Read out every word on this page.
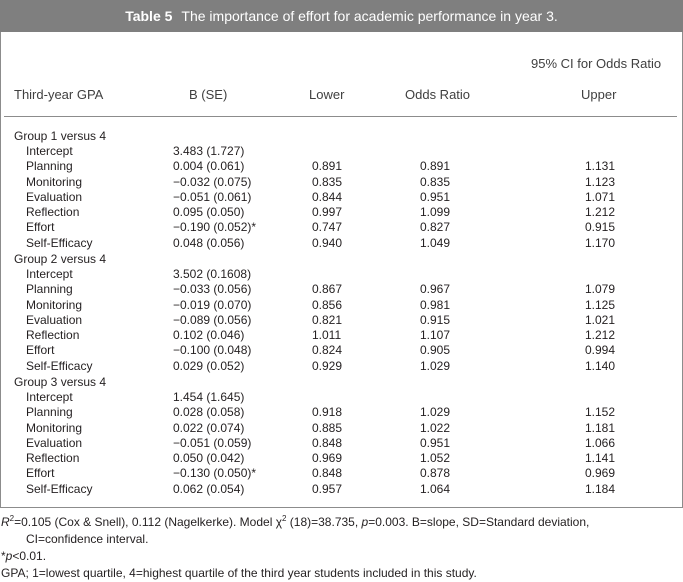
Table 5 The importance of effort for academic performance in year 3.
95% CI for Odds Ratio
Third-year GPA	B (SE)	Lower	Odds Ratio	Upper
Group 1 versus 4
Intercept	3.483 (1.727)
Planning	0.004 (0.061)	0.891	0.891	1.131
Monitoring	−0.032 (0.075)	0.835	0.835	1.123
Evaluation	−0.051 (0.061)	0.844	0.951	1.071
Reflection	0.095 (0.050)	0.997	1.099	1.212
Effort	−0.190 (0.052)*	0.747	0.827	0.915
Self-Efficacy	0.048 (0.056)	0.940	1.049	1.170
Group 2 versus 4
Intercept	3.502 (0.1608)
Planning	−0.033 (0.056)	0.867	0.967	1.079
Monitoring	−0.019 (0.070)	0.856	0.981	1.125
Evaluation	−0.089 (0.056)	0.821	0.915	1.021
Reflection	0.102 (0.046)	1.011	1.107	1.212
Effort	−0.100 (0.048)	0.824	0.905	0.994
Self-Efficacy	0.029 (0.052)	0.929	1.029	1.140
Group 3 versus 4
Intercept	1.454 (1.645)
Planning	0.028 (0.058)	0.918	1.029	1.152
Monitoring	0.022 (0.074)	0.885	1.022	1.181
Evaluation	−0.051 (0.059)	0.848	0.951	1.066
Reflection	0.050 (0.042)	0.969	1.052	1.141
Effort	−0.130 (0.050)*	0.848	0.878	0.969
Self-Efficacy	0.062 (0.054)	0.957	1.064	1.184

$R^2=0.105$ (Cox & Snell), 0.112 (Nagelkerke). Model $\chi^2$ (18)=38.735, p=0.003. B=slope, SD=Standard deviation,

CI=confidence interval.

*p<0.01.

GPA; 1=lowest quartile, 4=highest quartile of the third year students included in this study.
